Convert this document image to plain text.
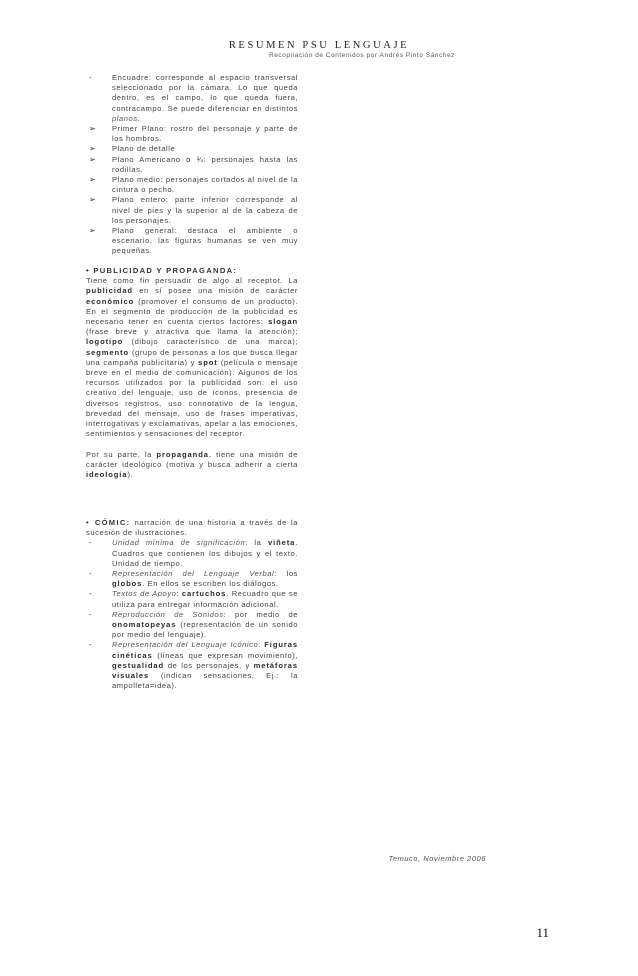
RESUMEN PSU LENGUAJE
Recopilación de Contenidos por Andrés Pinto Sánchez
-	Encuadre: corresponde al espacio transversal seleccionado por la cámara. Lo que queda dentro, es el campo, lo que queda fuera, contracampo. Se puede diferenciar en distintos planos.
➢	Primer Plano: rostro del personaje y parte de los hombros.
➢	Plano de detalle
➢	Plano Americano o ¾: personajes hasta las rodillas.
➢	Plano medio: personajes cortados al nivel de la cintura o pecho.
➢	Plano entero: parte inferior corresponde al nivel de pies y la superior al de la cabeza de los personajes.
➢	Plano general: destaca el ambiente o escenario, las figuras humanas se ven muy pequeñas.
• PUBLICIDAD Y PROPAGANDA:

Tiene como fin persuadir de algo al receptor. La publicidad en sí posee una misión de carácter económico (promover el consumo de un producto). En el segmento de producción de la publicidad es necesario tener en cuenta ciertos factores: slogan (frase breve y atractiva que llama la atención); logotipo (dibujo característico de una marca); segmento (grupo de personas a los que busca llegar una campaña publicitaria) y spot (película o mensaje breve en el medio de comunicación). Algunos de los recursos utilizados por la publicidad son: el uso creativo del lenguaje, uso de íconos, presencia de diversos registros, uso connotativo de la lengua, brevedad del mensaje, uso de frases imperativas, interrogativas y exclamativas, apelar a las emociones, sentimientos y sensaciones del receptor.

Por su parte, la propaganda, tiene una misión de carácter ideológico (motiva y busca adherir a cierta ideología).

• CÓMIC: narración de una historia a través de la sucesión de ilustraciones.

-	Unidad mínima de significación: la viñeta. Cuadros que contienen los dibujos y el texto. Unidad de tiempo.
-	Representación del Lenguaje Verbal: los globos. En ellos se escriben los diálogos.
-	Textos de Apoyo: cartuchos. Recuadro que se utiliza para entregar información adicional.
-	Reproducción de Sonidos: por medio de onomatopeyas (representación de un sonido por medio del lenguaje).
-	Representación del Lenguaje Icónico: Figuras cinéticas (líneas que expresan movimiento), gestualidad de los personajes, y metáforas visuales (indican sensaciones, Ej.: la ampolleta=idea).
Temuco, Noviembre 2006
11
